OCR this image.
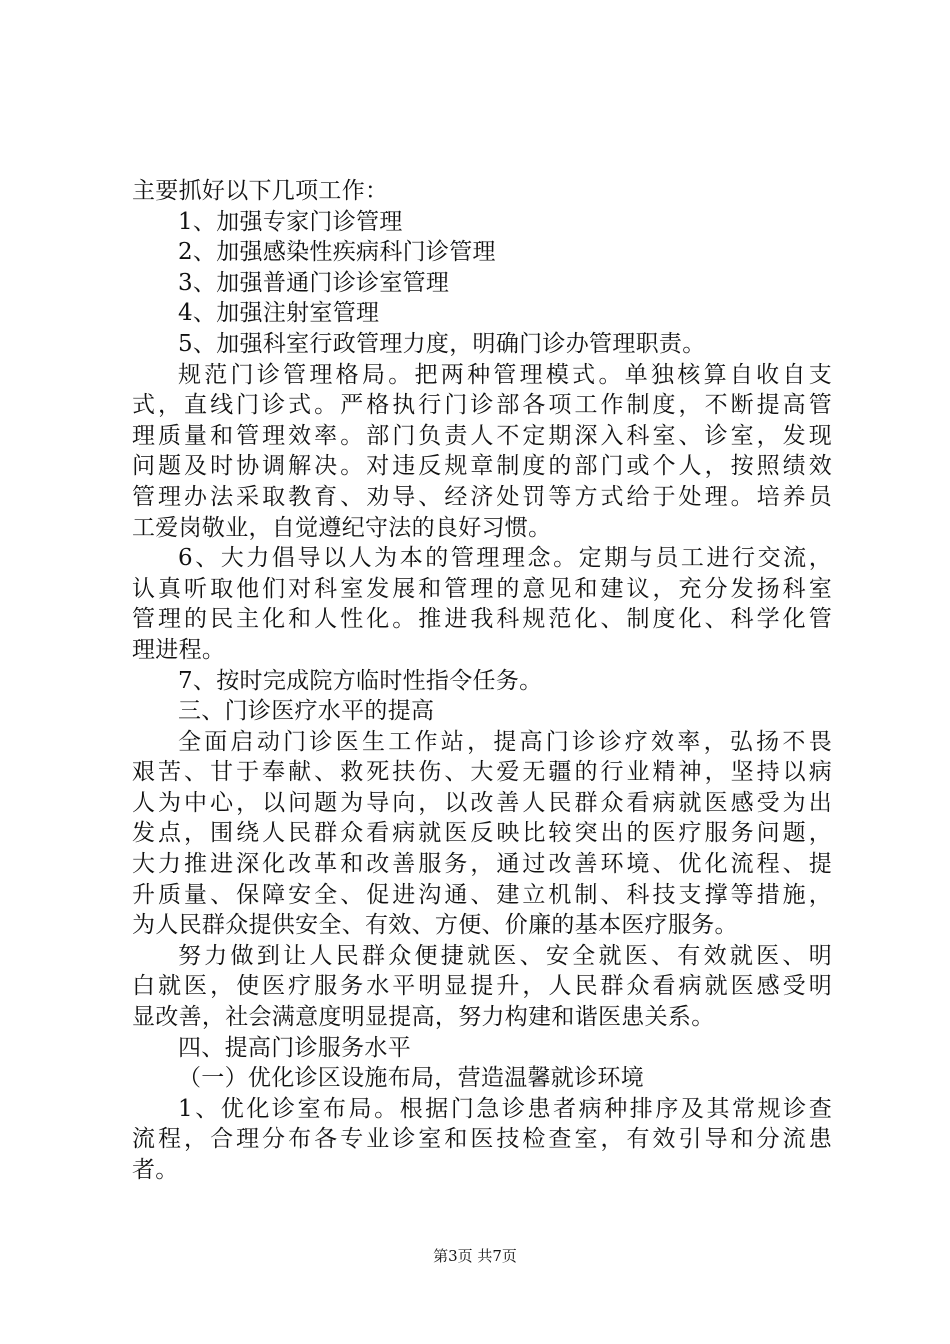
主要抓好以下几项工作：
1、加强专家门诊管理
2、加强感染性疾病科门诊管理
3、加强普通门诊诊室管理
4、加强注射室管理
5、加强科室行政管理力度，明确门诊办管理职责。
规范门诊管理格局。把两种管理模式。单独核算自收自支
式，直线门诊式。严格执行门诊部各项工作制度，不断提高管
理质量和管理效率。部门负责人不定期深入科室、诊室，发现
问题及时协调解决。对违反规章制度的部门或个人，按照绩效
管理办法采取教育、劝导、经济处罚等方式给于处理。培养员
工爱岗敬业，自觉遵纪守法的良好习惯。
6、大力倡导以人为本的管理理念。定期与员工进行交流，
认真听取他们对科室发展和管理的意见和建议，充分发扬科室
管理的民主化和人性化。推进我科规范化、制度化、科学化管
理进程。
7、按时完成院方临时性指令任务。
三、门诊医疗水平的提高
全面启动门诊医生工作站，提高门诊诊疗效率，弘扬不畏
艰苦、甘于奉献、救死扶伤、大爱无疆的行业精神，坚持以病
人为中心，以问题为导向，以改善人民群众看病就医感受为出
发点，围绕人民群众看病就医反映比较突出的医疗服务问题，
大力推进深化改革和改善服务，通过改善环境、优化流程、提
升质量、保障安全、促进沟通、建立机制、科技支撑等措施，
为人民群众提供安全、有效、方便、价廉的基本医疗服务。
努力做到让人民群众便捷就医、安全就医、有效就医、明
白就医，使医疗服务水平明显提升，人民群众看病就医感受明
显改善，社会满意度明显提高，努力构建和谐医患关系。
四、提高门诊服务水平
（一）优化诊区设施布局，营造温馨就诊环境
1、优化诊室布局。根据门急诊患者病种排序及其常规诊查
流程，合理分布各专业诊室和医技检查室，有效引导和分流患
者。
第3页 共7页
